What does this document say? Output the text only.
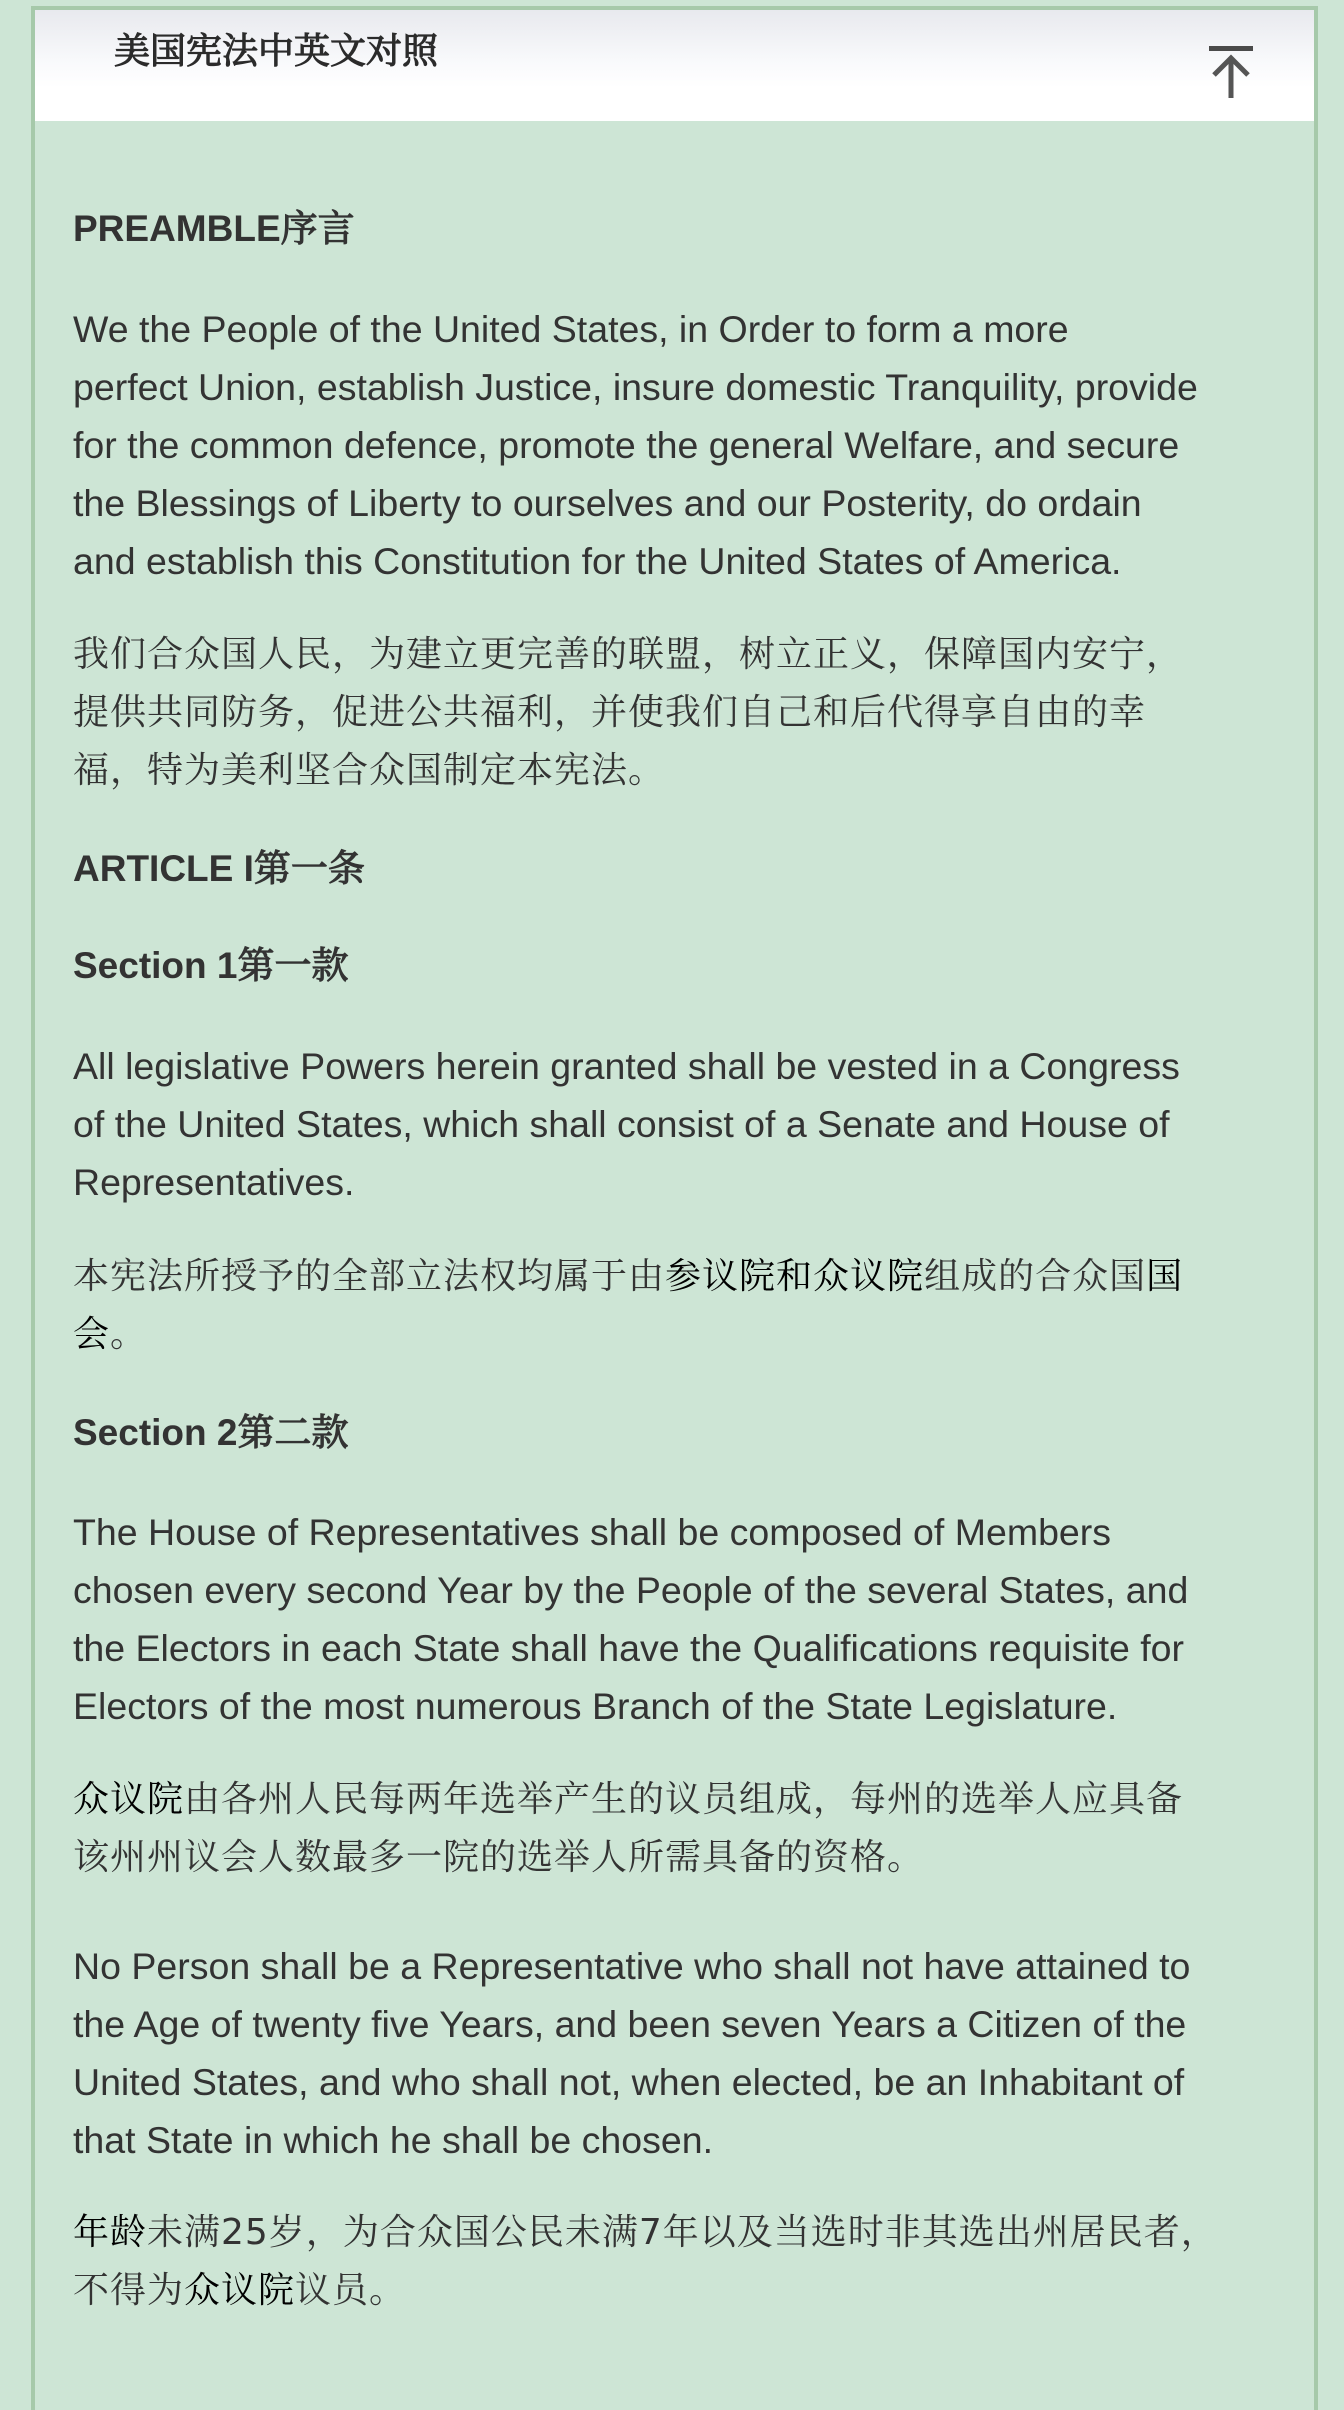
美国宪法中英文对照
PREAMBLE序言
We the People of the United States, in Order to form a more
perfect Union, establish Justice, insure domestic Tranquility, provide
for the common defence, promote the general Welfare, and secure
the Blessings of Liberty to ourselves and our Posterity, do ordain
and establish this Constitution for the United States of America.
我们合众国人民，为建立更完善的联盟，树立正义，保障国内安宁，
提供共同防务，促进公共福利，并使我们自己和后代得享自由的幸
福，特为美利坚合众国制定本宪法。
ARTICLE I第一条
Section 1第一款
All legislative Powers herein granted shall be vested in a Congress
of the United States, which shall consist of a Senate and House of
Representatives.
本宪法所授予的全部立法权均属于由参议院和众议院组成的合众国国
会。
Section 2第二款
The House of Representatives shall be composed of Members
chosen every second Year by the People of the several States, and
the Electors in each State shall have the Qualifications requisite for
Electors of the most numerous Branch of the State Legislature.
众议院由各州人民每两年选举产生的议员组成，每州的选举人应具备
该州州议会人数最多一院的选举人所需具备的资格。
No Person shall be a Representative who shall not have attained to
the Age of twenty five Years, and been seven Years a Citizen of the
United States, and who shall not, when elected, be an Inhabitant of
that State in which he shall be chosen.
年龄未满25岁，为合众国公民未满7年以及当选时非其选出州居民者，
不得为众议院议员。
